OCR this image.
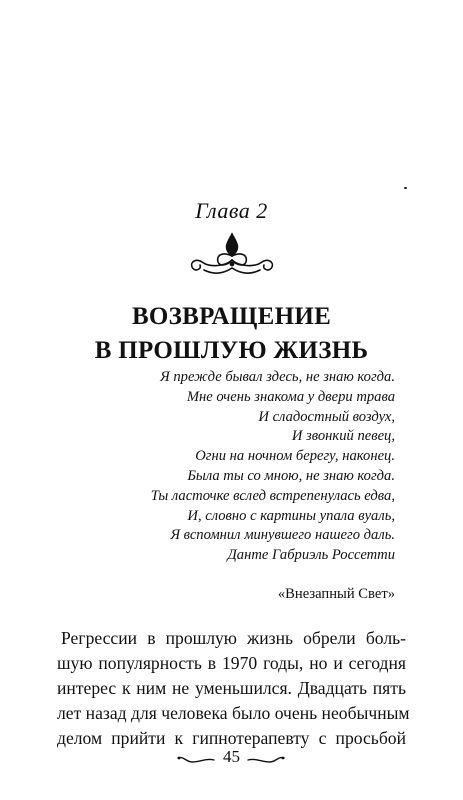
Глава 2
ВОЗВРАЩЕНИЕ
В ПРОШЛУЮ ЖИЗНЬ
Я прежде бывал здесь, не знаю когда.
Мне очень знакома у двери трава
И сладостный воздух,
И звонкий певец,
Огни на ночном берегу, наконец.
Была ты со мною, не знаю когда.
Ты ласточке вслед встрепенулась едва,
И, словно с картины упала вуаль,
Я вспомнил минувшего нашего даль.
Данте Габриэль Россетти
«Внезапный Свет»
Регрессии в прошлую жизнь обрели боль-
шую популярность в 1970 годы, но и сегодня
интерес к ним не уменьшился. Двадцать пять
лет назад для человека было очень необычным
делом прийти к гипнотерапевту с просьбой
45
